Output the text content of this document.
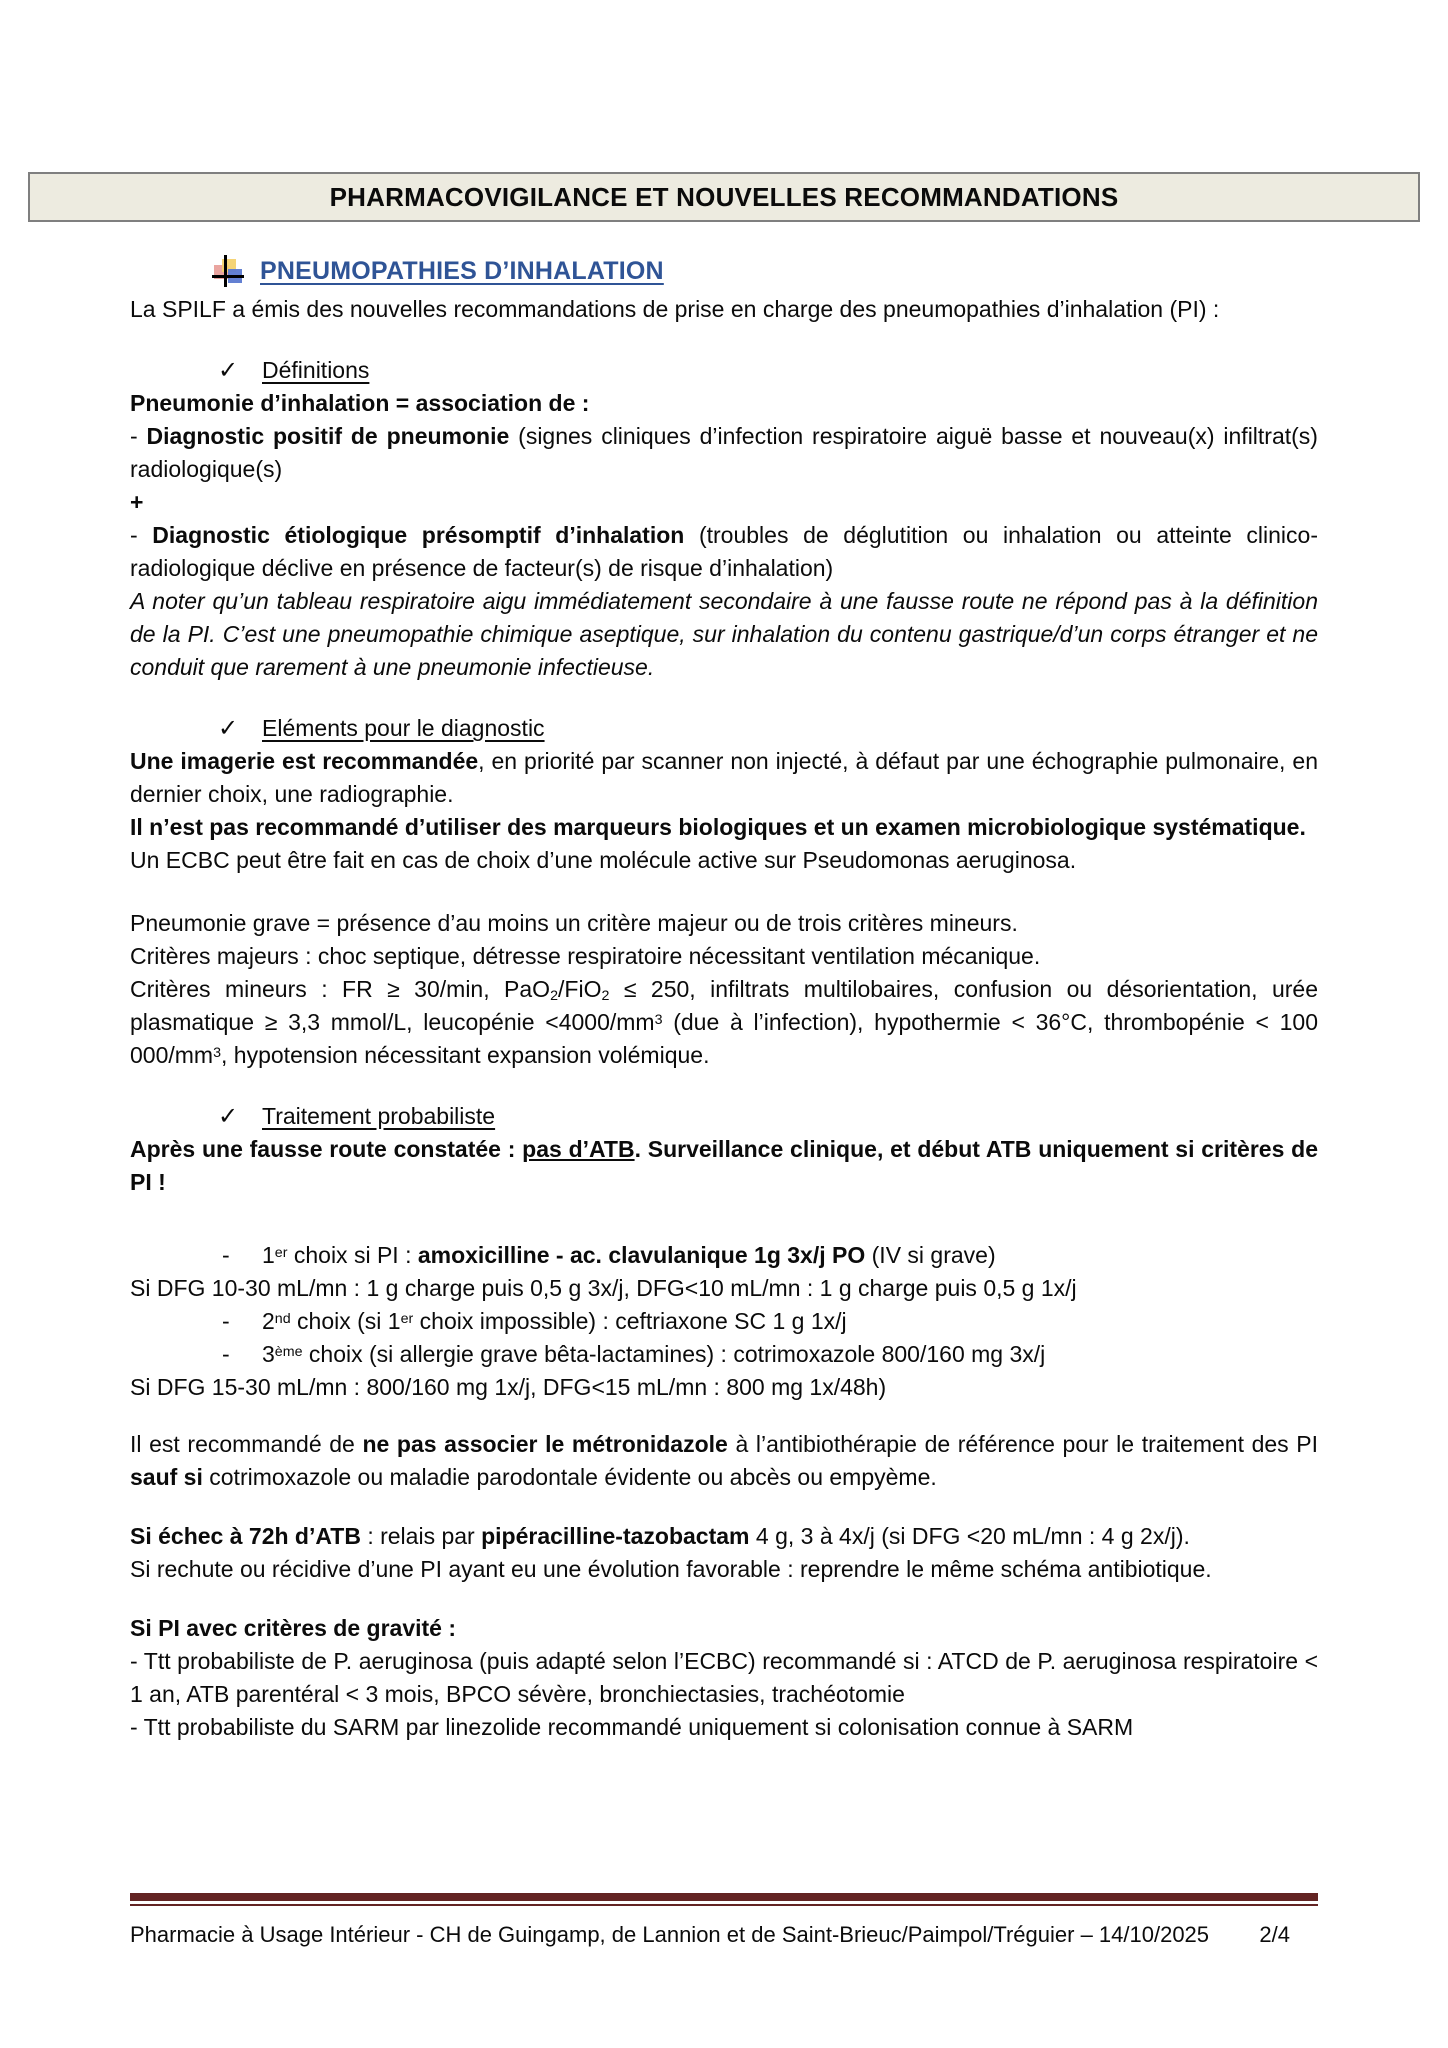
PHARMACOVIGILANCE ET NOUVELLES RECOMMANDATIONS
PNEUMOPATHIES D’INHALATION

La SPILF a émis des nouvelles recommandations de prise en charge des pneumopathies d’inhalation (PI) :

✓ Définitions

Pneumonie d’inhalation = association de :

- Diagnostic positif de pneumonie (signes cliniques d’infection respiratoire aiguë basse et nouveau(x) infiltrat(s) radiologique(s)

+

- Diagnostic étiologique présomptif d’inhalation (troubles de déglutition ou inhalation ou atteinte clinico-radiologique déclive en présence de facteur(s) de risque d’inhalation)

A noter qu’un tableau respiratoire aigu immédiatement secondaire à une fausse route ne répond pas à la définition de la PI. C’est une pneumopathie chimique aseptique, sur inhalation du contenu gastrique/d’un corps étranger et ne conduit que rarement à une pneumonie infectieuse.

✓ Eléments pour le diagnostic

Une imagerie est recommandée, en priorité par scanner non injecté, à défaut par une échographie pulmonaire, en dernier choix, une radiographie.

Il n’est pas recommandé d’utiliser des marqueurs biologiques et un examen microbiologique systématique.

Un ECBC peut être fait en cas de choix d’une molécule active sur Pseudomonas aeruginosa.

Pneumonie grave = présence d’au moins un critère majeur ou de trois critères mineurs.

Critères majeurs : choc septique, détresse respiratoire nécessitant ventilation mécanique.

Critères mineurs : FR ≥ 30/min, PaO2/FiO2 ≤ 250, infiltrats multilobaires, confusion ou désorientation, urée plasmatique ≥ 3,3 mmol/L, leucopénie $<4000/mm^3$ (due à l’infection), hypothermie < 36°C, thrombopénie < 100 $000/mm^3$, hypotension nécessitant expansion volémique.

✓ Traitement probabiliste

Après une fausse route constatée : pas d’ATB. Surveillance clinique, et début ATB uniquement si critères de PI !

-	1er choix si PI : amoxicilline - ac. clavulanique 1g 3x/j PO (IV si grave)

Si DFG 10-30 mL/mn : 1 g charge puis 0,5 g 3x/j, DFG<10 mL/mn : 1 g charge puis 0,5 g 1x/j

-	2nd choix (si 1er choix impossible) : ceftriaxone SC 1 g 1x/j
-	3ème choix (si allergie grave bêta-lactamines) : cotrimoxazole 800/160 mg 3x/j

Si DFG 15-30 mL/mn : 800/160 mg 1x/j, DFG<15 mL/mn : 800 mg 1x/48h)

Il est recommandé de ne pas associer le métronidazole à l’antibiothérapie de référence pour le traitement des PI sauf si cotrimoxazole ou maladie parodontale évidente ou abcès ou empyème.

Si échec à 72h d’ATB : relais par pipéracilline-tazobactam 4 g, 3 à 4x/j (si DFG <20 mL/mn : 4 g 2x/j).

Si rechute ou récidive d’une PI ayant eu une évolution favorable : reprendre le même schéma antibiotique.

Si PI avec critères de gravité :

- Ttt probabiliste de P. aeruginosa (puis adapté selon l’ECBC) recommandé si : ATCD de P. aeruginosa respiratoire < 1 an, ATB parentéral < 3 mois, BPCO sévère, bronchiectasies, trachéotomie

- Ttt probabiliste du SARM par linezolide recommandé uniquement si colonisation connue à SARM

Pharmacie à Usage Intérieur - CH de Guingamp, de Lannion et de Saint-Brieuc/Paimpol/Tréguier – 14/10/2025 2/4
